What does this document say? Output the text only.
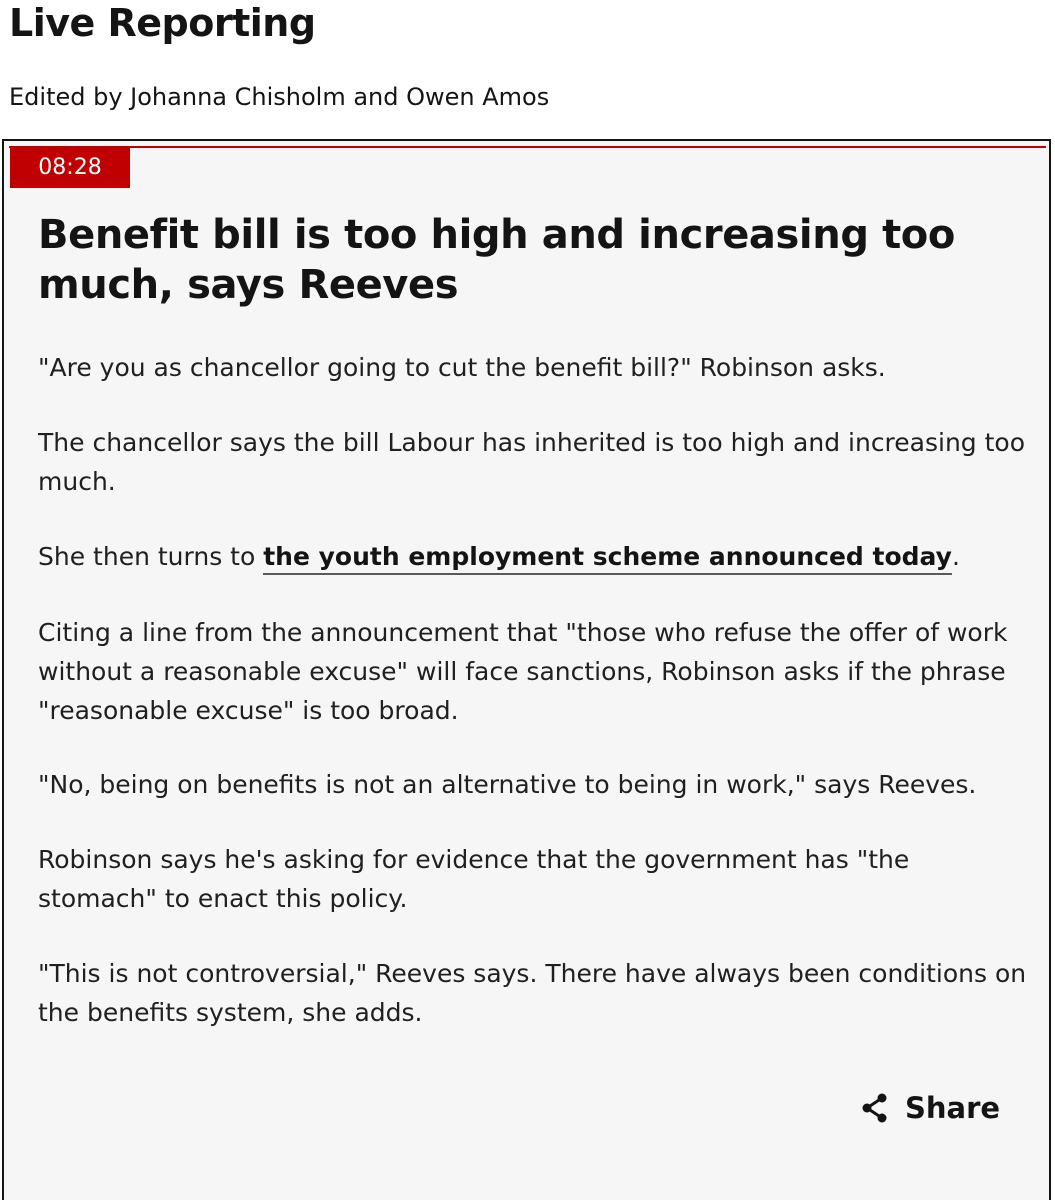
Live Reporting

Edited by Johanna Chisholm and Owen Amos

08:28
Benefit bill is too high and increasing too much, says Reeves

"Are you as chancellor going to cut the benefit bill?" Robinson asks.

The chancellor says the bill Labour has inherited is too high and increasing too much.

She then turns to the youth employment scheme announced today.

Citing a line from the announcement that "those who refuse the offer of work without a reasonable excuse" will face sanctions, Robinson asks if the phrase "reasonable excuse" is too broad.

"No, being on benefits is not an alternative to being in work," says Reeves.

Robinson says he's asking for evidence that the government has "the stomach" to enact this policy.

"This is not controversial," Reeves says. There have always been conditions on the benefits system, she adds.

Share
